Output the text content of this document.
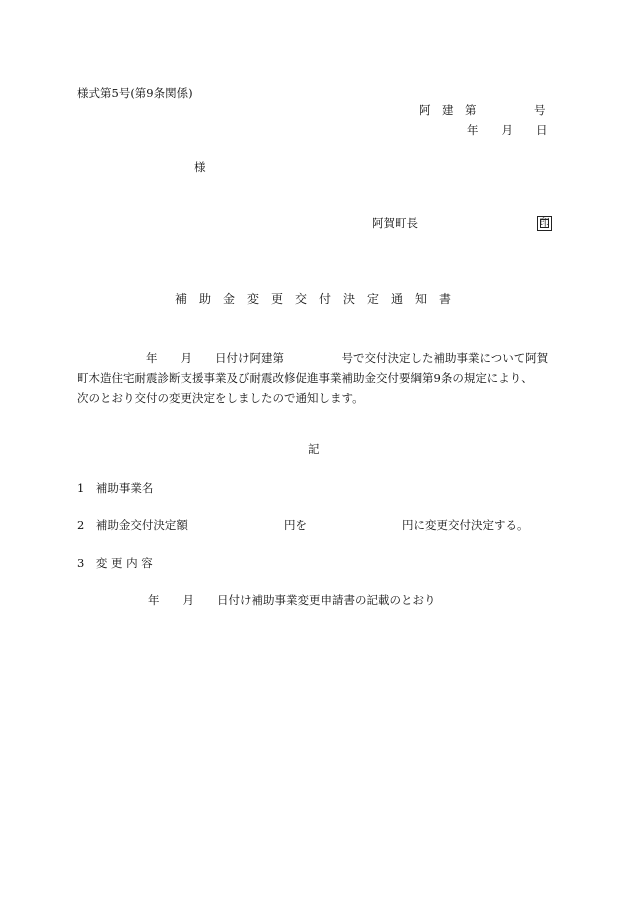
様式第5号(第9条関係)
阿　建　第　　　　　号
年　　月　　日
様
阿賀町長	印
補　助　金　変　更　交　付　決　定　通　知　書
　　　　　　年　　月　　日付け阿建第　　　　　号で交付決定した補助事業について阿賀
町木造住宅耐震診断支援事業及び耐震改修促進事業補助金交付要綱第9条の規定により、
次のとおり交付の変更決定をしましたので通知します。
記
1　補助事業名
2　補助金交付決定額	円を	円に変更交付決定する。
3　変 更 内 容
年　　月　　日付け補助事業変更申請書の記載のとおり
